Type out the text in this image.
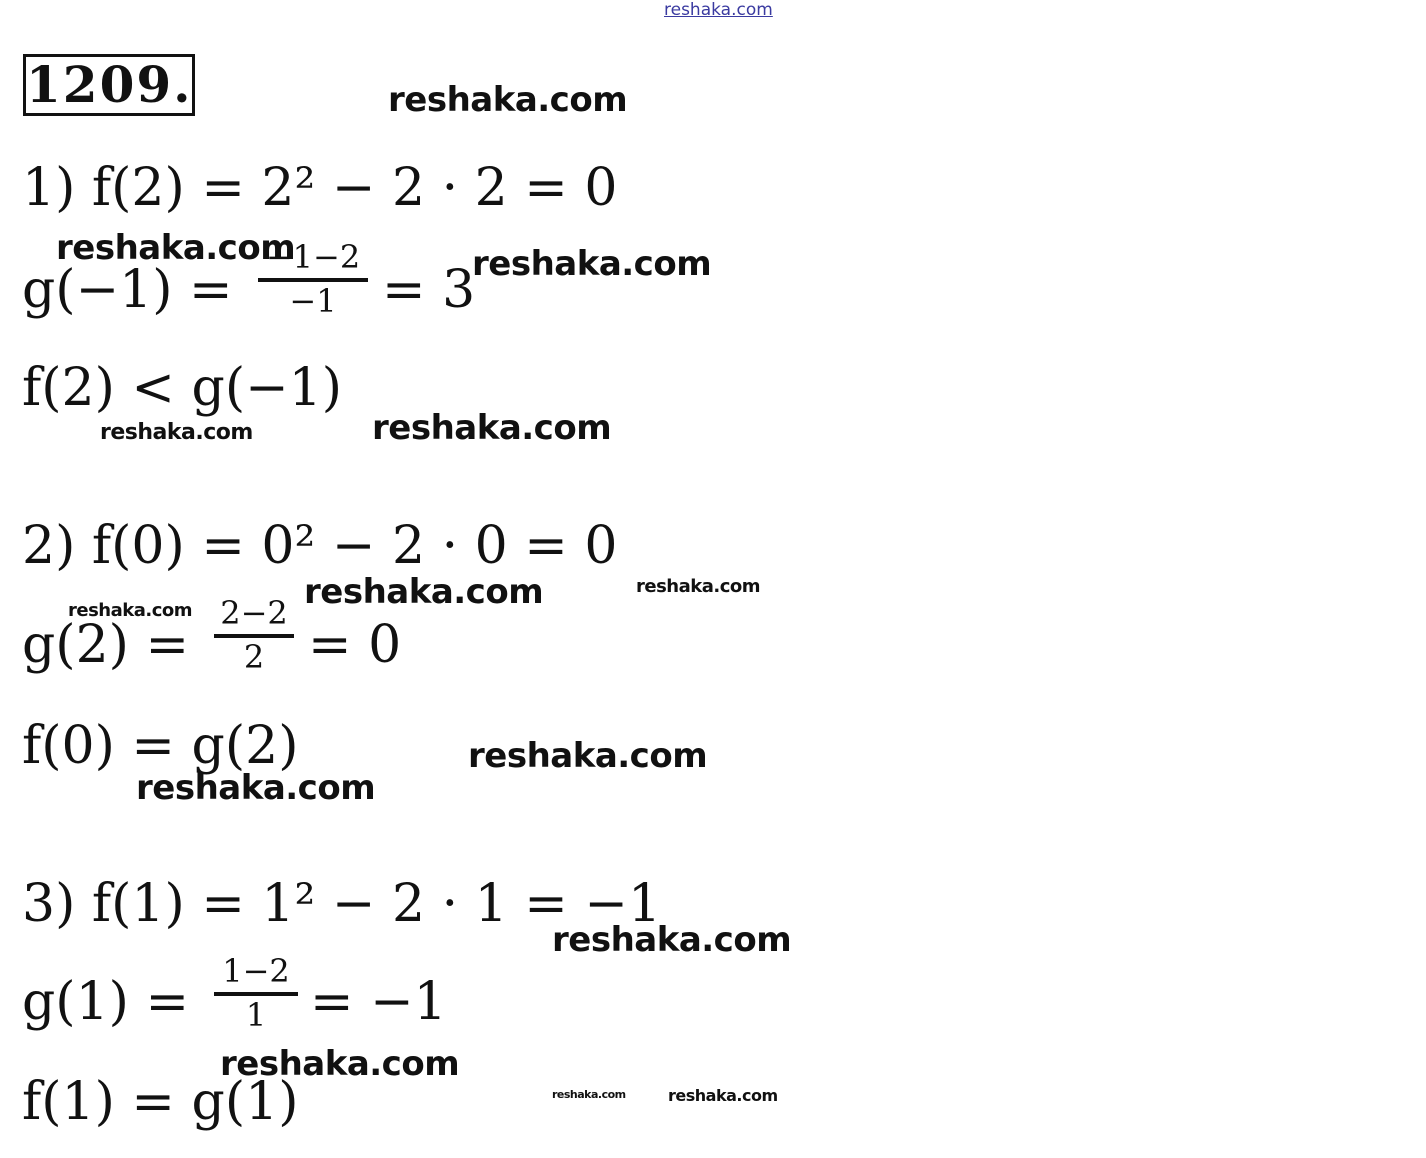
reshaka.com
1209.
1) f(2) = 2² − 2 · 2 = 0
g(−1) =
−1−2
−1 = 3
f(2) < g(−1)
2) f(0) = 0² − 2 · 0 = 0
g(2) =
2−2
2 = 0
f(0) = g(2)
3) f(1) = 1² − 2 · 1 = −1
g(1) =
1−2
1 = −1
f(1) = g(1)
reshaka.com
reshaka.com	reshaka.com
reshaka.com	reshaka.com
reshaka.com	reshaka.com
reshaka.com
reshaka.com
reshaka.com
reshaka.com
reshaka.com
reshaka.com	reshaka.com
